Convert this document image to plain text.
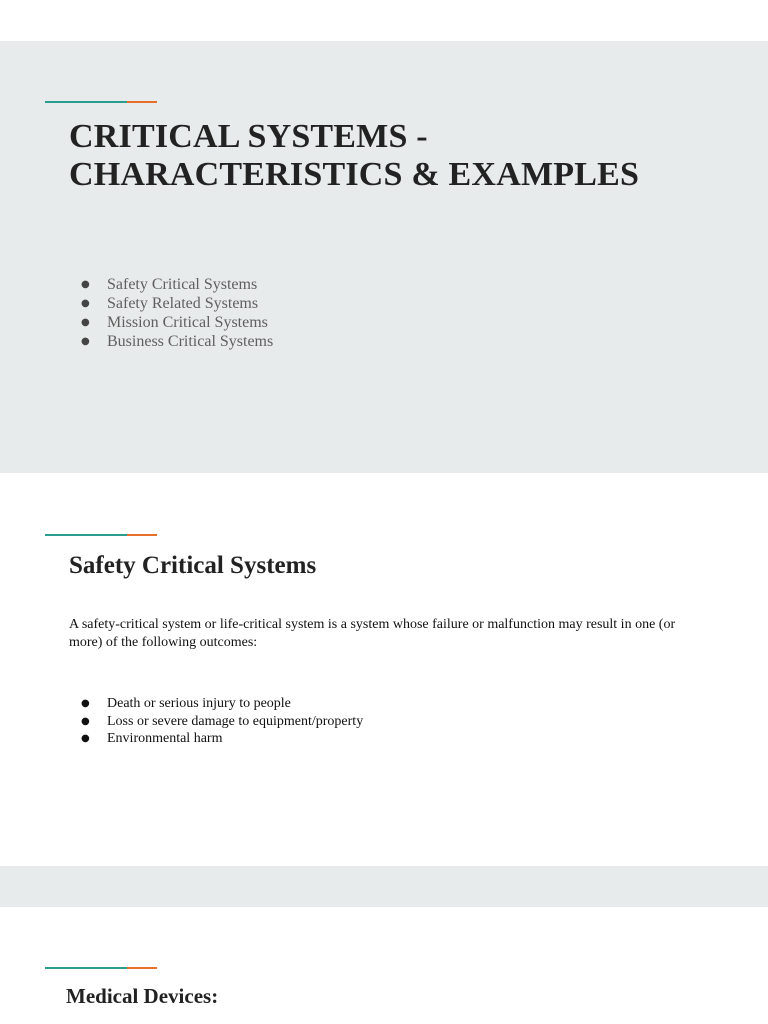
CRITICAL SYSTEMS -
CHARACTERISTICS & EXAMPLES
● Safety Critical Systems
● Safety Related Systems
● Mission Critical Systems
● Business Critical Systems
Safety Critical Systems

A safety-critical system or life-critical system is a system whose failure or malfunction may result in one (or more) of the following outcomes:

● Death or serious injury to people
● Loss or severe damage to equipment/property
● Environmental harm
Medical Devices:
